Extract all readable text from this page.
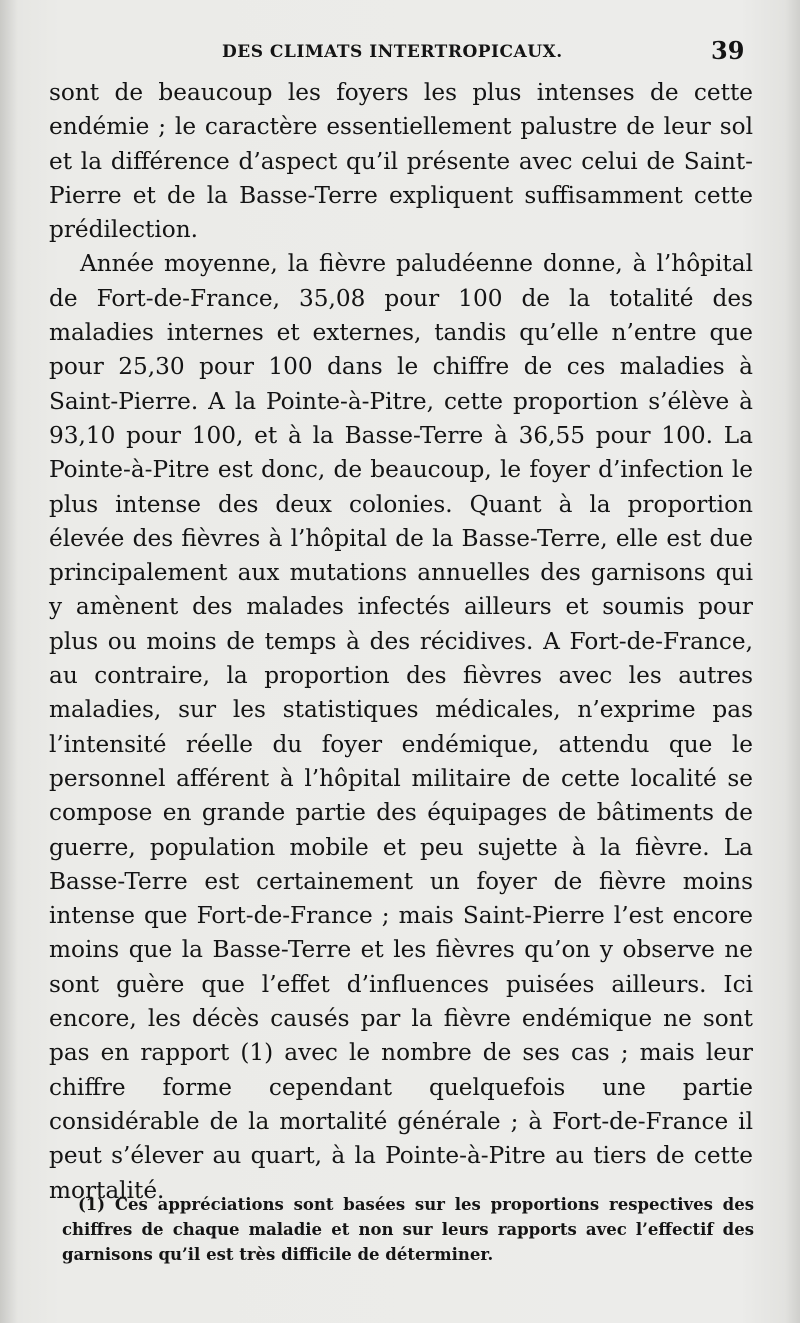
DES CLIMATS INTERTROPICAUX.	39

sont de beaucoup les foyers les plus intenses de cette endémie ; le caractère essentiellement palustre de leur sol et la différence d’aspect qu’il présente avec celui de Saint-Pierre et de la Basse-Terre expliquent suffisamment cette prédilection.

Année moyenne, la fièvre paludéenne donne, à l’hôpital de Fort-de-France, 35,08 pour 100 de la totalité des maladies internes et externes, tandis qu’elle n’entre que pour 25,30 pour 100 dans le chiffre de ces maladies à Saint-Pierre. A la Pointe-à-Pitre, cette proportion s’élève à 93,10 pour 100, et à la Basse-Terre à 36,55 pour 100. La Pointe-à-Pitre est donc, de beaucoup, le foyer d’infection le plus intense des deux colonies. Quant à la proportion élevée des fièvres à l’hôpital de la Basse-Terre, elle est due principalement aux mutations annuelles des garnisons qui y amènent des malades infectés ailleurs et soumis pour plus ou moins de temps à des récidives. A Fort-de-France, au contraire, la proportion des fièvres avec les autres maladies, sur les statistiques médicales, n’exprime pas l’intensité réelle du foyer endémique, attendu que le personnel afférent à l’hôpital militaire de cette localité se compose en grande partie des équipages de bâtiments de guerre, population mobile et peu sujette à la fièvre. La Basse-Terre est certainement un foyer de fièvre moins intense que Fort-de-France ; mais Saint-Pierre l’est encore moins que la Basse-Terre et les fièvres qu’on y observe ne sont guère que l’effet d’influences puisées ailleurs. Ici encore, les décès causés par la fièvre endémique ne sont pas en rapport (1) avec le nombre de ses cas ; mais leur chiffre forme cependant quelquefois une partie considérable de la mortalité générale ; à Fort-de-France il peut s’élever au quart, à la Pointe-à-Pitre au tiers de cette mortalité.

(1) Ces appréciations sont basées sur les proportions respectives des chiffres de chaque maladie et non sur leurs rapports avec l’effectif des garnisons qu’il est très difficile de déterminer.
